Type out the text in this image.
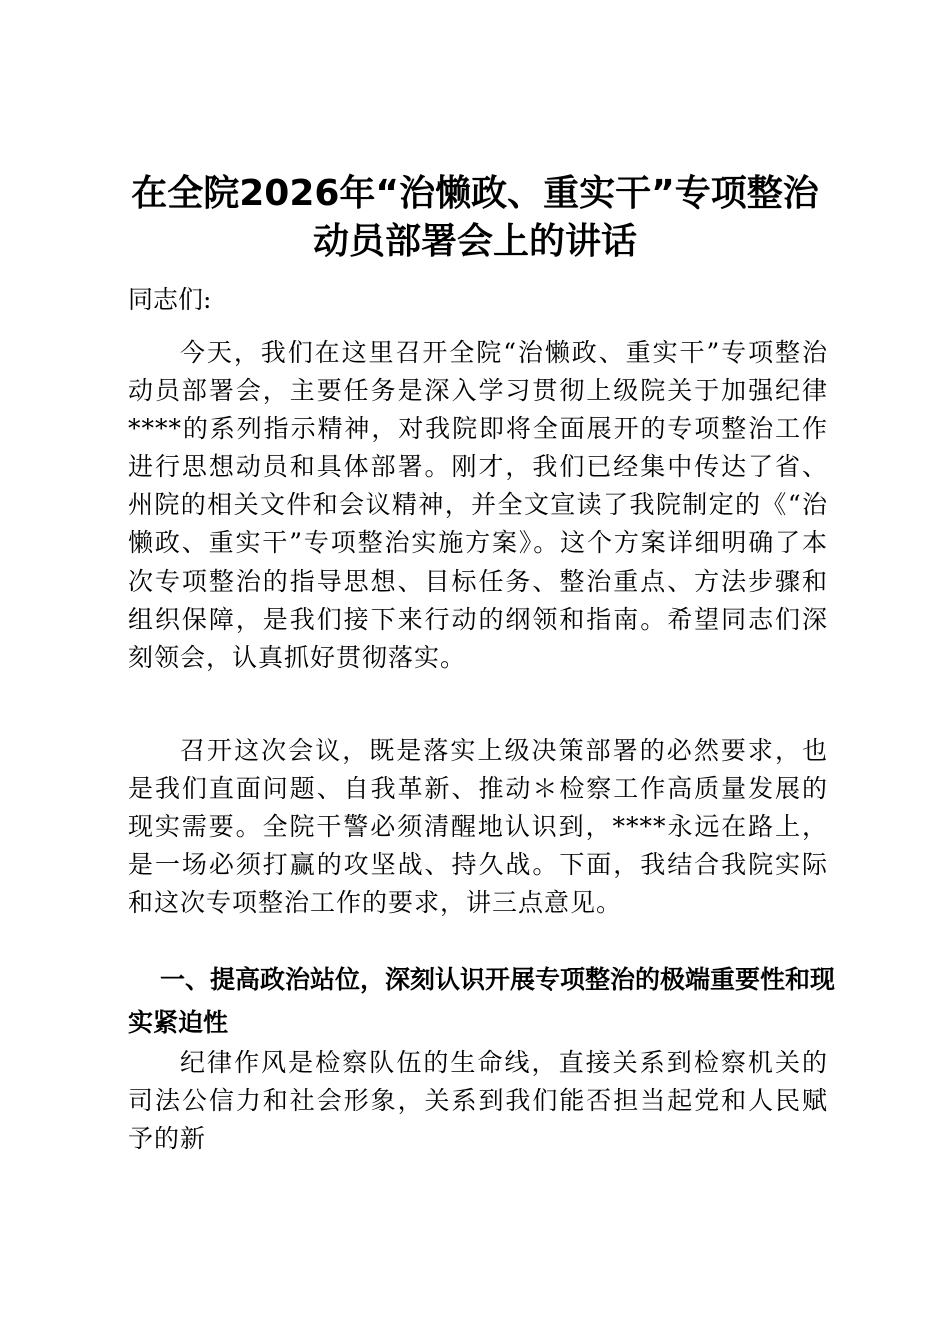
在全院2026年“治懒政、重实干”专项整治
动员部署会上的讲话
同志们:
今天，我们在这里召开全院“治懒政、重实干”专项整治动员部署会，主要任务是深入学习贯彻上级院关于加强纪律****的系列指示精神，对我院即将全面展开的专项整治工作进行思想动员和具体部署。刚才，我们已经集中传达了省、州院的相关文件和会议精神，并全文宣读了我院制定的《“治懒政、重实干”专项整治实施方案》。这个方案详细明确了本次专项整治的指导思想、目标任务、整治重点、方法步骤和组织保障，是我们接下来行动的纲领和指南。希望同志们深刻领会，认真抓好贯彻落实。
召开这次会议，既是落实上级决策部署的必然要求，也是我们直面问题、自我革新、推动＊检察工作高质量发展的现实需要。全院干警必须清醒地认识到，****永远在路上，是一场必须打赢的攻坚战、持久战。下面，我结合我院实际和这次专项整治工作的要求，讲三点意见。
一、提高政治站位，深刻认识开展专项整治的极端重要性和现实紧迫性
纪律作风是检察队伍的生命线，直接关系到检察机关的司法公信力和社会形象，关系到我们能否担当起党和人民赋予的新
